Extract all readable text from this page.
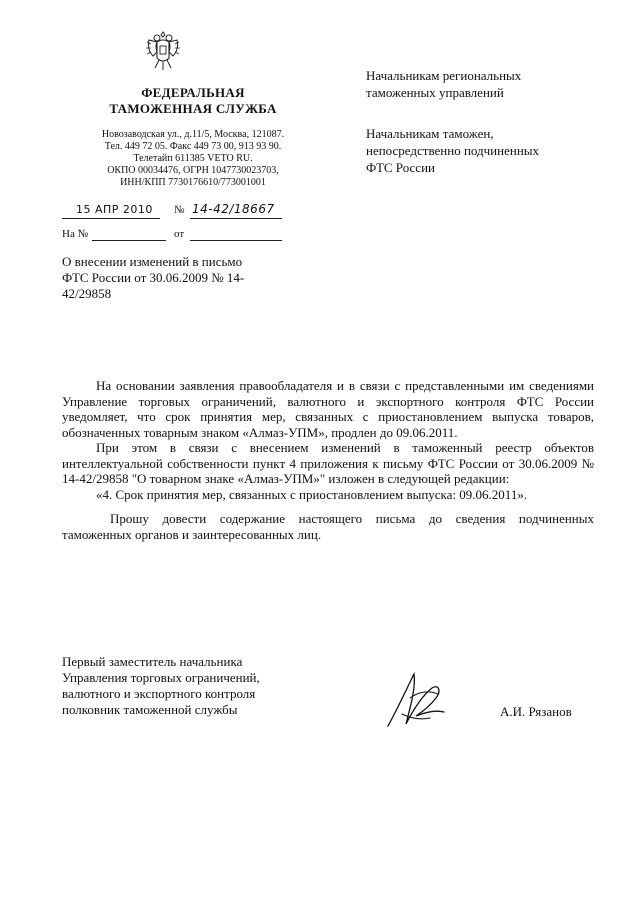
ФЕДЕРАЛЬНАЯ
ТАМОЖЕННАЯ СЛУЖБА
Новозаводская ул., д.11/5, Москва, 121087.
Тел. 449 72 05. Факс 449 73 00, 913 93 90.
Телетайп 611385 VETO RU.
ОКПО 00034476, ОГРН 1047730023703,
ИНН/КПП 7730176610/773001001
15 АПР 2010 № 14-42/18667
На №	от
Начальникам региональных
таможенных управлений
Начальникам таможен,
непосредственно подчиненных
ФТС России
О внесении изменений в письмо
ФТС России от 30.06.2009 № 14-
42/29858

На основании заявления правообладателя и в связи с представленными им сведениями Управление торговых ограничений, валютного и экспортного контроля ФТС России уведомляет, что срок принятия мер, связанных с приостановлением выпуска товаров, обозначенных товарным знаком «Алмаз-УПМ», продлен до 09.06.2011.

При этом в связи с внесением изменений в таможенный реестр объектов интеллектуальной собственности пункт 4 приложения к письму ФТС России от 30.06.2009 № 14-42/29858 "О товарном знаке «Алмаз-УПМ»" изложен в следующей редакции:

«4. Срок принятия мер, связанных с приостановлением выпуска: 09.06.2011».

Прошу довести содержание настоящего письма до сведения подчиненных таможенных органов и заинтересованных лиц.

Первый заместитель начальника
Управления торговых ограничений,
валютного и экспортного контроля
полковник таможенной службы	А.И. Рязанов
